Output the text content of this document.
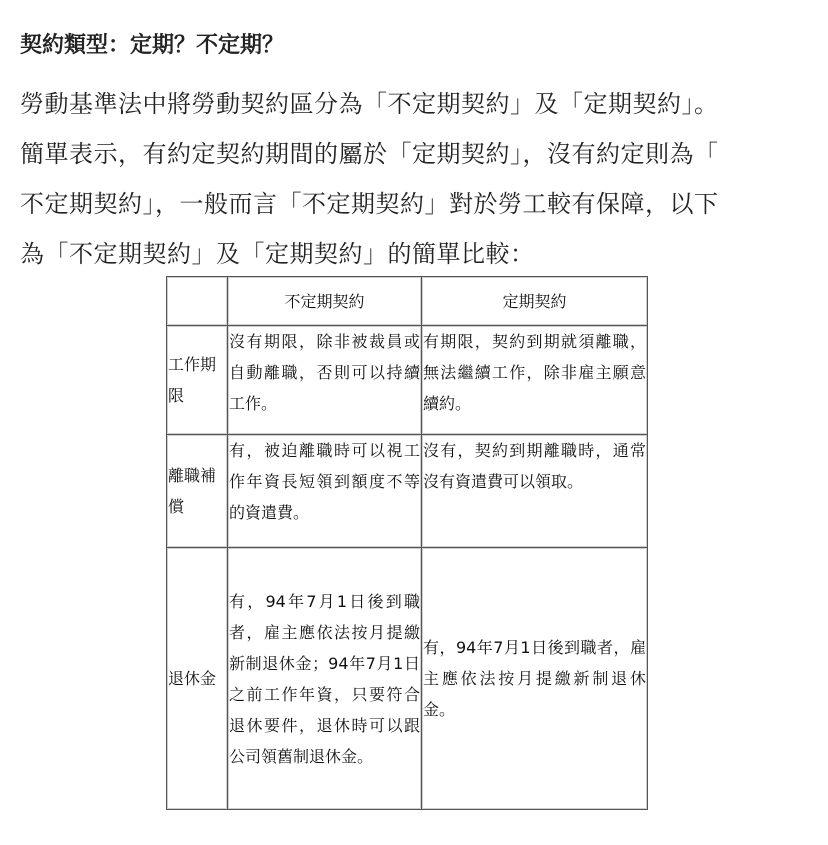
契約類型：定期？不定期？
勞動基準法中將勞動契約區分為「不定期契約」及「定期契約」。
簡單表示，有約定契約期間的屬於「定期契約」，沒有約定則為「
不定期契約」，一般而言「不定期契約」對於勞工較有保障，以下
為「不定期契約」及「定期契約」的簡單比較：
	不定期契約	定期契約
工作期限	沒有期限，除非被裁員或自動離職，否則可以持續工作。	有期限，契約到期就須離職，無法繼續工作，除非雇主願意續約。
離職補償	有，被迫離職時可以視工作年資長短領到額度不等的資遣費。	沒有，契約到期離職時，通常沒有資遣費可以領取。
退休金	有，94年7月1日後到職者，雇主應依法按月提繳新制退休金；94年7月1日之前工作年資，只要符合退休要件，退休時可以跟公司領舊制退休金。	有，94年7月1日後到職者，雇主應依法按月提繳新制退休金。
